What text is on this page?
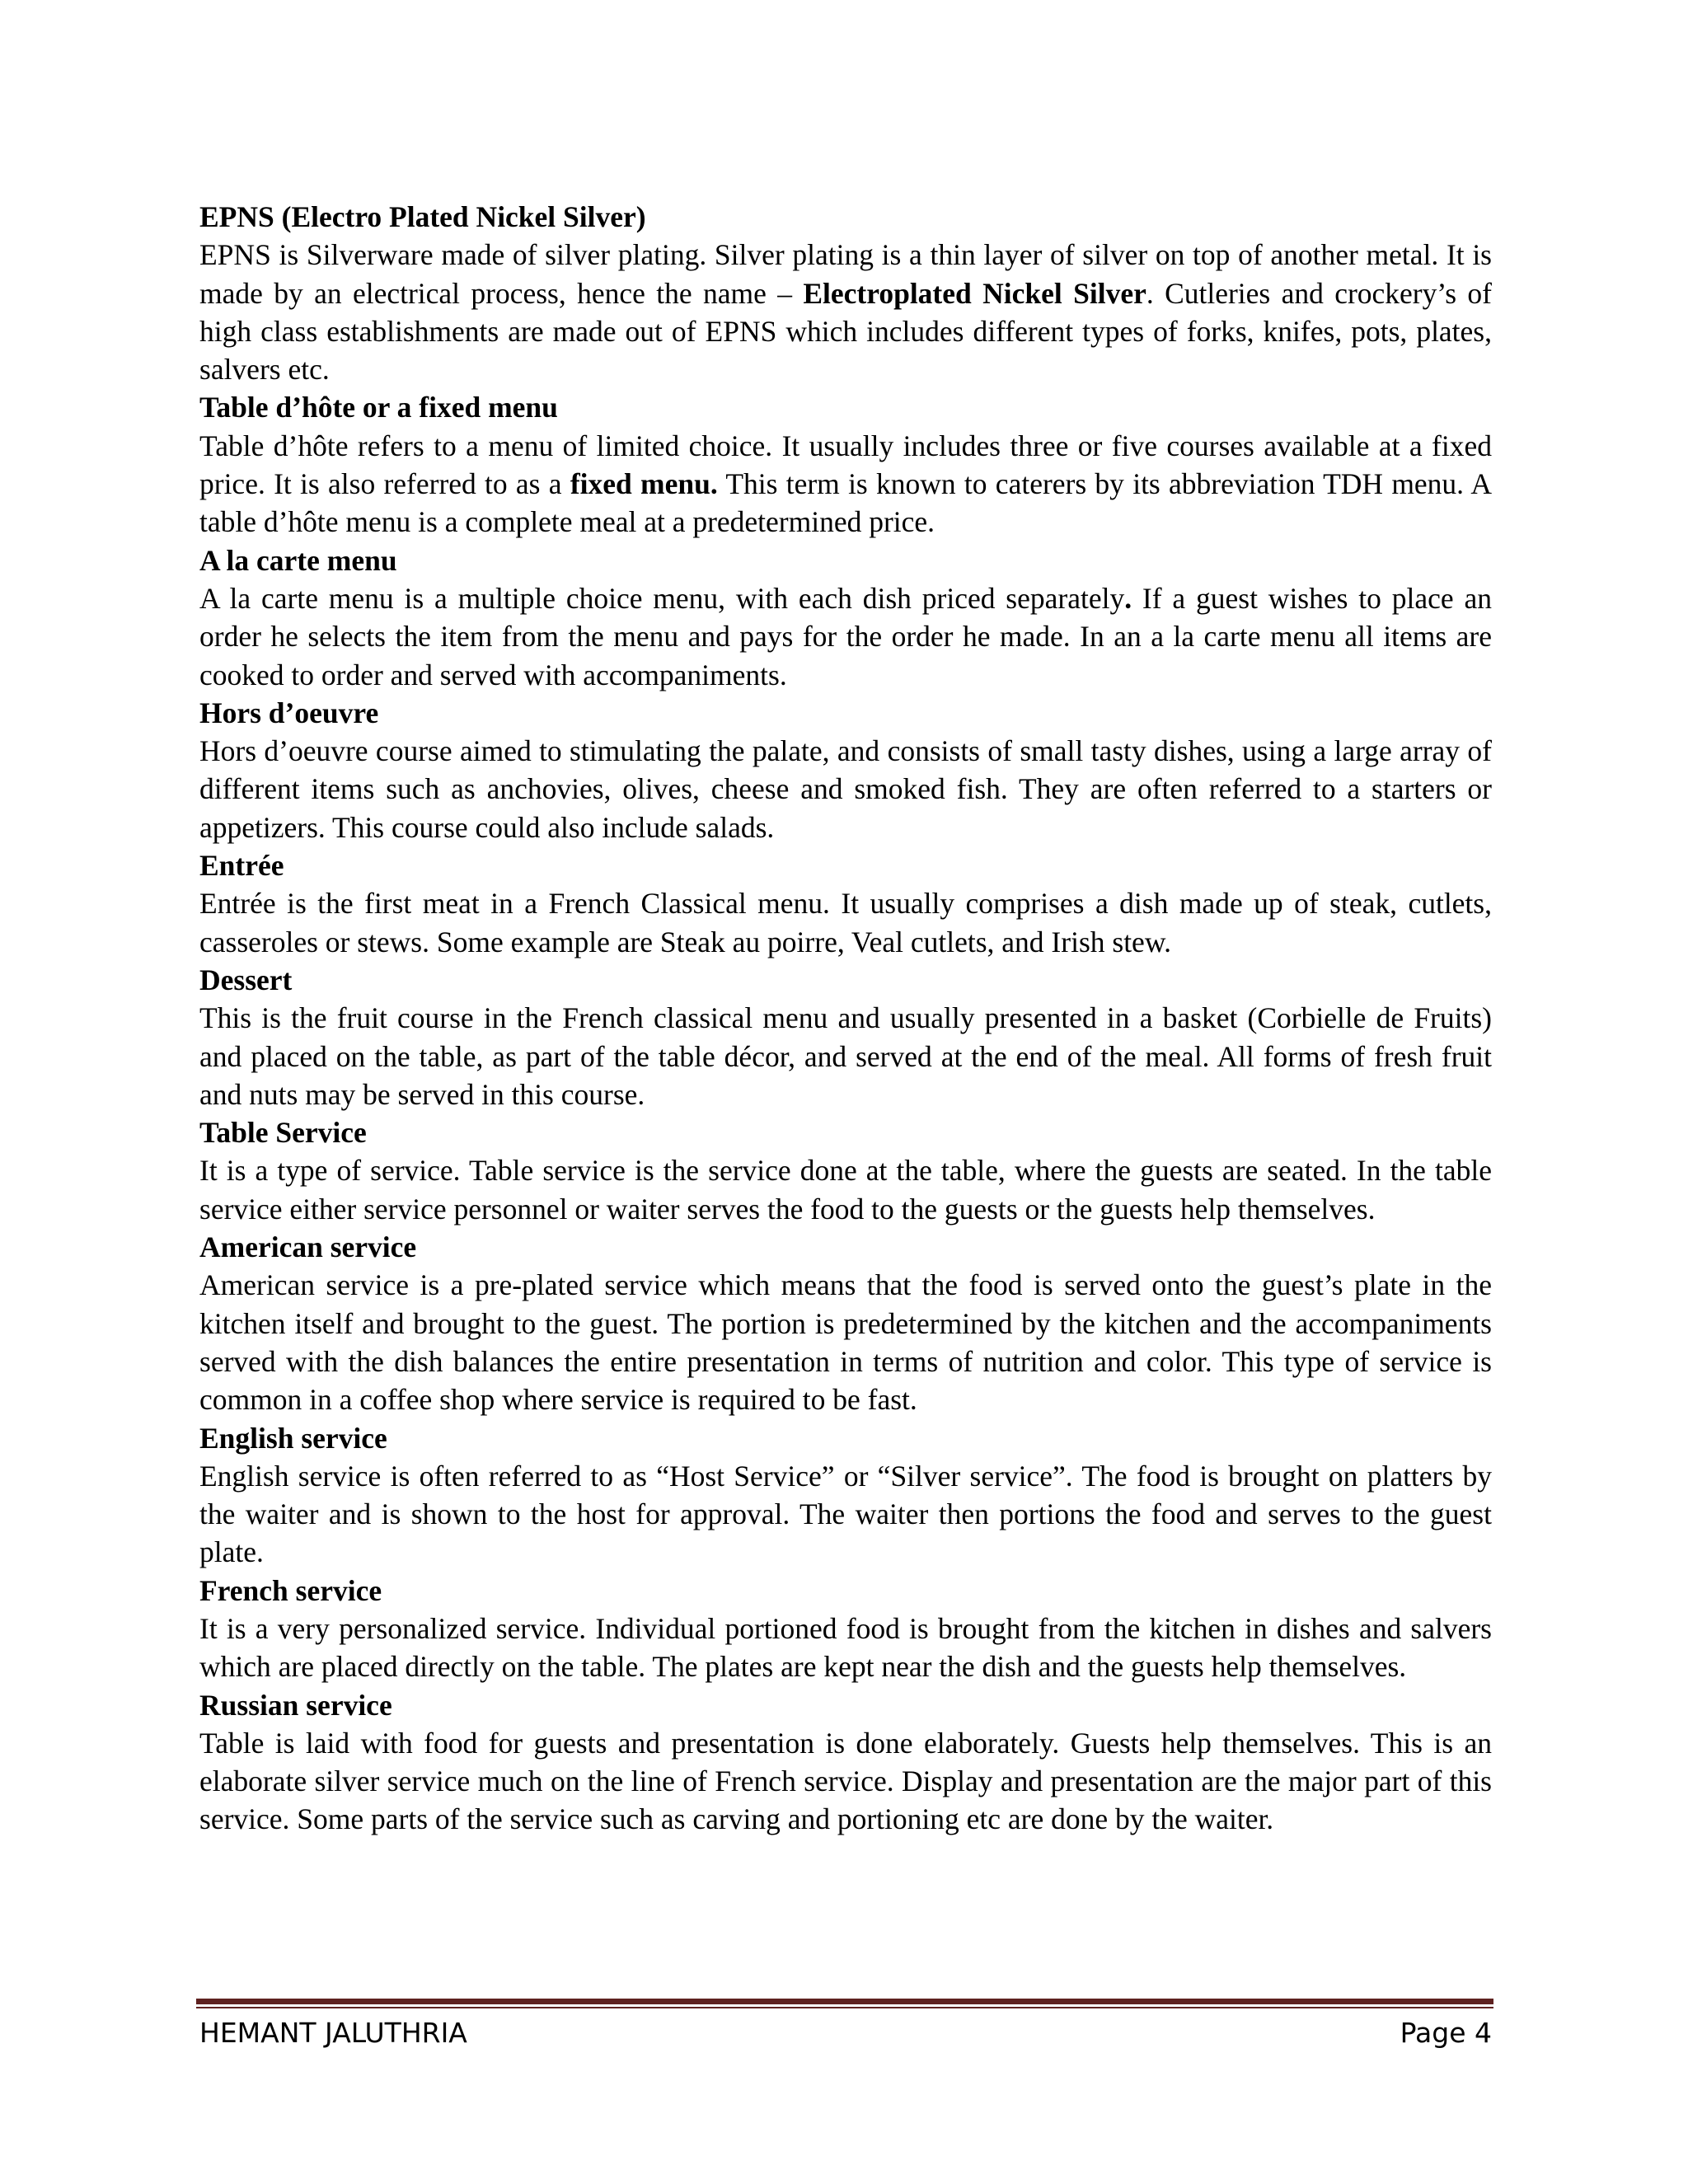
EPNS (Electro Plated Nickel Silver)

EPNS is Silverware made of silver plating. Silver plating is a thin layer of silver on top of another metal. It is made by an electrical process, hence the name – Electroplated Nickel Silver. Cutleries and crockery’s of high class establishments are made out of EPNS which includes different types of forks, knifes, pots, plates, salvers etc.

Table d’hôte or a fixed menu

Table d’hôte refers to a menu of limited choice. It usually includes three or five courses available at a fixed price. It is also referred to as a fixed menu. This term is known to caterers by its abbreviation TDH menu. A table d’hôte menu is a complete meal at a predetermined price.

A la carte menu

A la carte menu is a multiple choice menu, with each dish priced separately. If a guest wishes to place an order he selects the item from the menu and pays for the order he made. In an a la carte menu all items are cooked to order and served with accompaniments.

Hors d’oeuvre

Hors d’oeuvre course aimed to stimulating the palate, and consists of small tasty dishes, using a large array of different items such as anchovies, olives, cheese and smoked fish. They are often referred to a starters or appetizers. This course could also include salads.

Entrée

Entrée is the first meat in a French Classical menu. It usually comprises a dish made up of steak, cutlets, casseroles or stews. Some example are Steak au poirre, Veal cutlets, and Irish stew.

Dessert

This is the fruit course in the French classical menu and usually presented in a basket (Corbielle de Fruits) and placed on the table, as part of the table décor, and served at the end of the meal. All forms of fresh fruit and nuts may be served in this course.

Table Service

It is a type of service. Table service is the service done at the table, where the guests are seated. In the table service either service personnel or waiter serves the food to the guests or the guests help themselves.

American service

American service is a pre-plated service which means that the food is served onto the guest’s plate in the kitchen itself and brought to the guest. The portion is predetermined by the kitchen and the accompaniments served with the dish balances the entire presentation in terms of nutrition and color. This type of service is common in a coffee shop where service is required to be fast.

English service

English service is often referred to as “Host Service” or “Silver service”. The food is brought on platters by the waiter and is shown to the host for approval. The waiter then portions the food and serves to the guest plate.

French service

It is a very personalized service. Individual portioned food is brought from the kitchen in dishes and salvers which are placed directly on the table. The plates are kept near the dish and the guests help themselves.

Russian service

Table is laid with food for guests and presentation is done elaborately. Guests help themselves. This is an elaborate silver service much on the line of French service. Display and presentation are the major part of this service. Some parts of the service such as carving and portioning etc are done by the waiter.

HEMANT JALUTHRIA	Page 4
